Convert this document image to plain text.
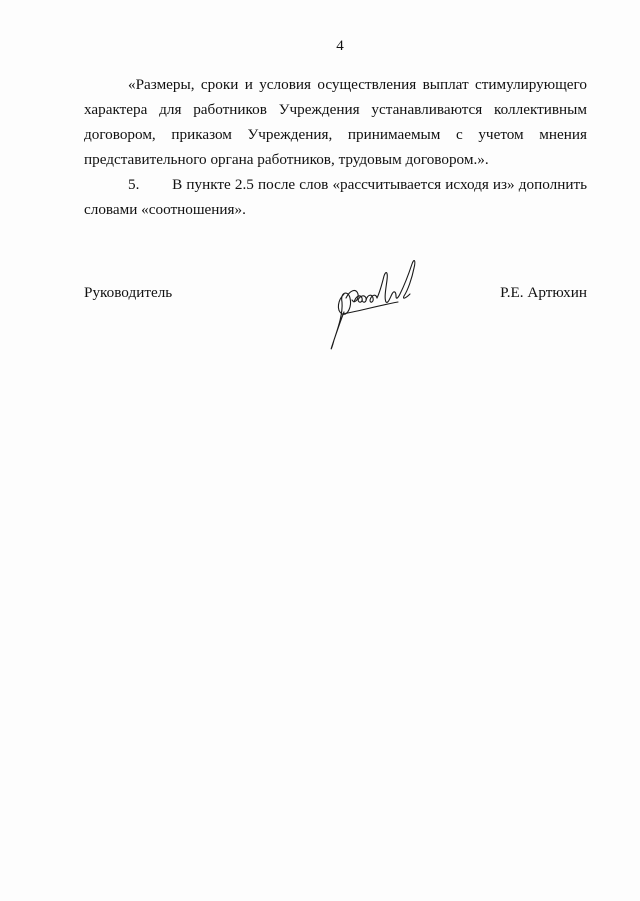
4

«Размеры, сроки и условия осуществления выплат стимулирующего
характера для работников Учреждения устанавливаются коллективным
договором, приказом Учреждения, принимаемым с учетом мнения
представительного органа работников, трудовым договором.».

5. В пункте 2.5 после слов «рассчитывается исходя из» дополнить
словами «соотношения».

Руководитель	Р.Е. Артюхин
